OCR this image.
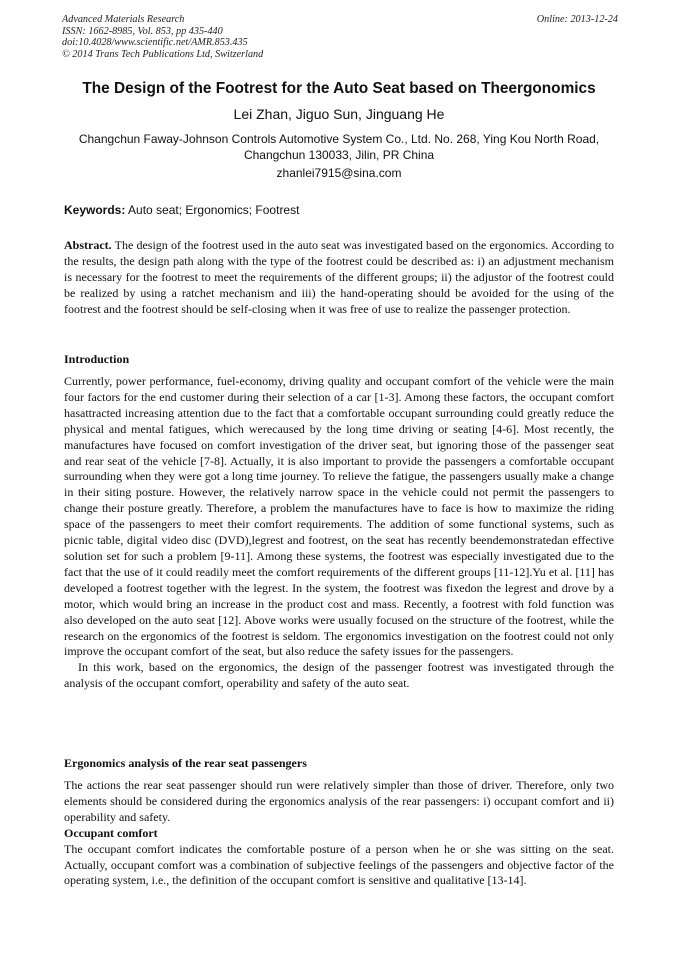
Advanced Materials Research
ISSN: 1662-8985, Vol. 853, pp 435-440
doi:10.4028/www.scientific.net/AMR.853.435
© 2014 Trans Tech Publications Ltd, Switzerland
Online: 2013-12-24
The Design of the Footrest for the Auto Seat based on Theergonomics
Lei Zhan, Jiguo Sun, Jinguang He
Changchun Faway-Johnson Controls Automotive System Co., Ltd. No. 268, Ying Kou North Road,
Changchun 130033, Jilin, PR China
zhanlei7915@sina.com
Keywords: Auto seat; Ergonomics; Footrest

Abstract. The design of the footrest used in the auto seat was investigated based on the ergonomics. According to the results, the design path along with the type of the footrest could be described as: i) an adjustment mechanism is necessary for the footrest to meet the requirements of the different groups; ii) the adjustor of the footrest could be realized by using a ratchet mechanism and iii) the hand-operating should be avoided for the using of the footrest and the footrest should be self-closing when it was free of use to realize the passenger protection.

Introduction

Currently, power performance, fuel-economy, driving quality and occupant comfort of the vehicle were the main four factors for the end customer during their selection of a car [1-3]. Among these factors, the occupant comfort hasattracted increasing attention due to the fact that a comfortable occupant surrounding could greatly reduce the physical and mental fatigues, which werecaused by the long time driving or seating [4-6]. Most recently, the manufactures have focused on comfort investigation of the driver seat, but ignoring those of the passenger seat and rear seat of the vehicle [7-8]. Actually, it is also important to provide the passengers a comfortable occupant surrounding when they were got a long time journey. To relieve the fatigue, the passengers usually make a change in their siting posture. However, the relatively narrow space in the vehicle could not permit the passengers to change their posture greatly. Therefore, a problem the manufactures have to face is how to maximize the riding space of the passengers to meet their comfort requirements. The addition of some functional systems, such as picnic table, digital video disc (DVD),legrest and footrest, on the seat has recently beendemonstratedan effective solution set for such a problem [9-11]. Among these systems, the footrest was especially investigated due to the fact that the use of it could readily meet the comfort requirements of the different groups [11-12].Yu et al. [11] has developed a footrest together with the legrest. In the system, the footrest was fixedon the legrest and drove by a motor, which would bring an increase in the product cost and mass. Recently, a footrest with fold function was also developed on the auto seat [12]. Above works were usually focused on the structure of the footrest, while the research on the ergonomics of the footrest is seldom. The ergonomics investigation on the footrest could not only improve the occupant comfort of the seat, but also reduce the safety issues for the passengers.

In this work, based on the ergonomics, the design of the passenger footrest was investigated through the analysis of the occupant comfort, operability and safety of the auto seat.

Ergonomics analysis of the rear seat passengers

The actions the rear seat passenger should run were relatively simpler than those of driver. Therefore, only two elements should be considered during the ergonomics analysis of the rear passengers: i) occupant comfort and ii) operability and safety.

Occupant comfort

The occupant comfort indicates the comfortable posture of a person when he or she was sitting on the seat. Actually, occupant comfort was a combination of subjective feelings of the passengers and objective factor of the operating system, i.e., the definition of the occupant comfort is sensitive and qualitative [13-14].
